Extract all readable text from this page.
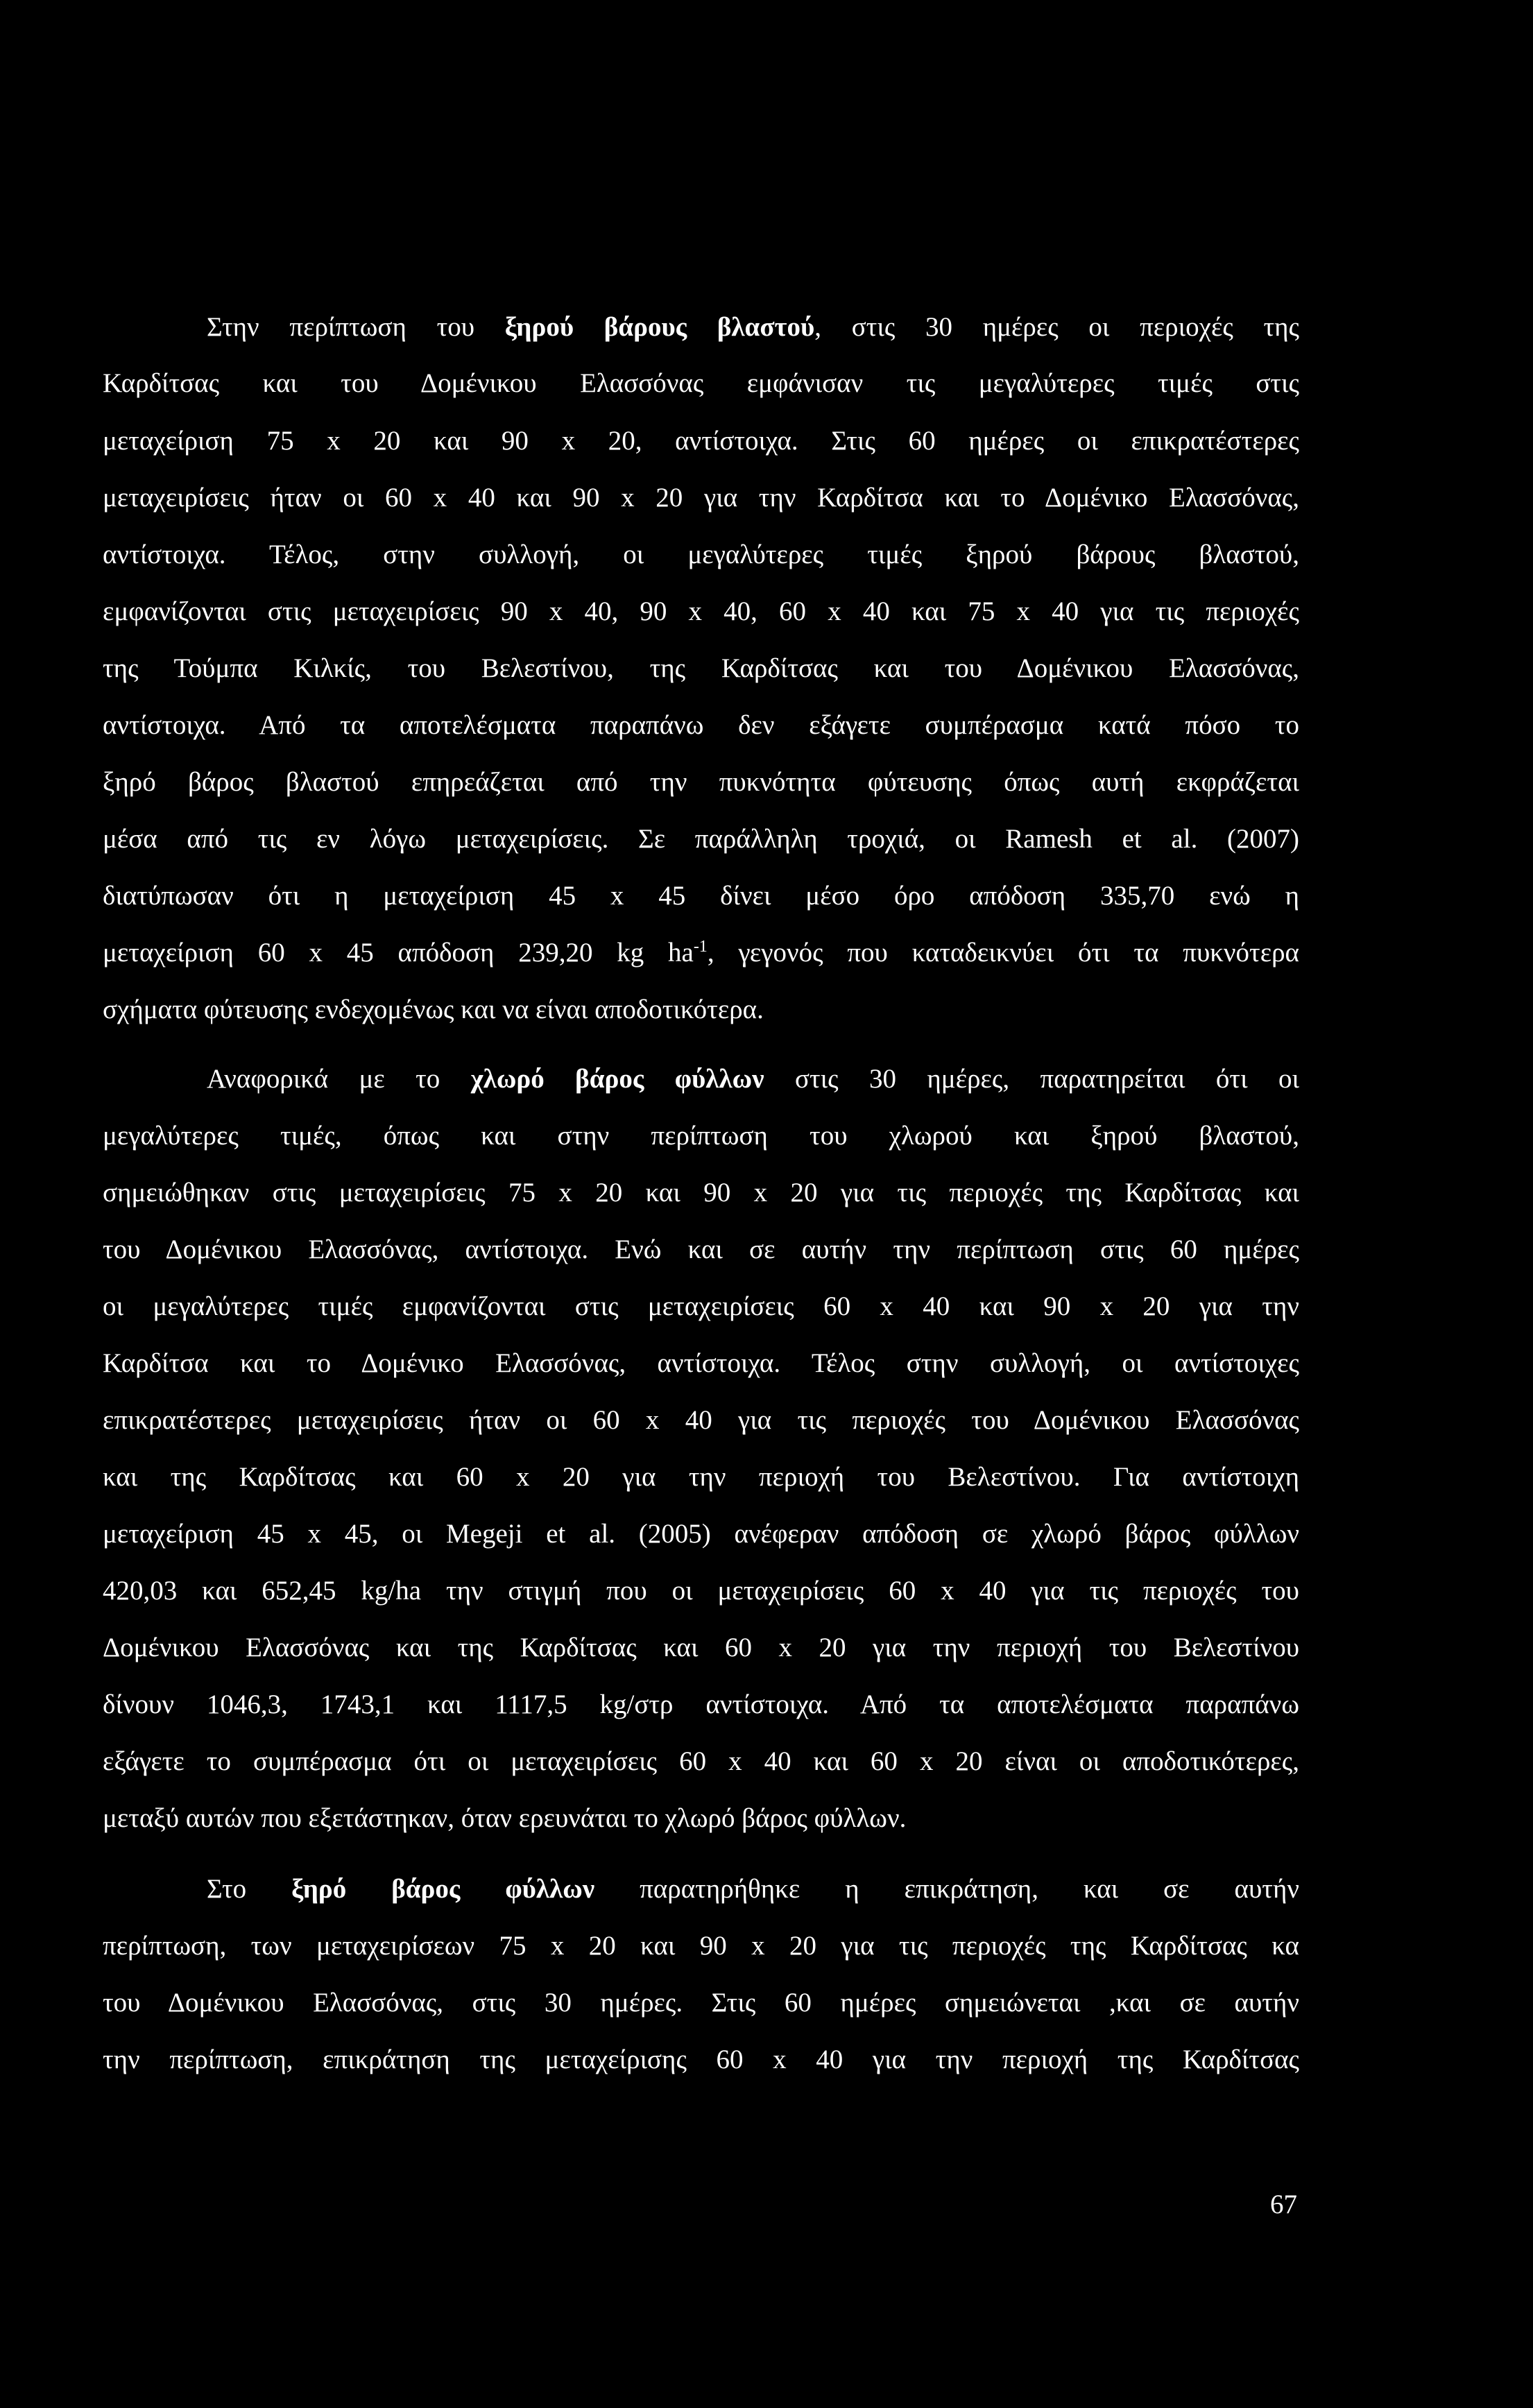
Στην περίπτωση του ξηρού βάρους βλαστού, στις 30 ημέρες οι περιοχές της
Καρδίτσας και του Δομένικου Ελασσόνας εμφάνισαν τις μεγαλύτερες τιμές στις
μεταχείριση 75 x 20 και 90 x 20, αντίστοιχα. Στις 60 ημέρες οι επικρατέστερες
μεταχειρίσεις ήταν οι 60 x 40 και 90 x 20 για την Καρδίτσα και το Δομένικο Ελασσόνας,
αντίστοιχα. Τέλος, στην συλλογή, οι μεγαλύτερες τιμές ξηρού βάρους βλαστού,
εμφανίζονται στις μεταχειρίσεις 90 x 40, 90 x 40, 60 x 40 και 75 x 40 για τις περιοχές
της Τούμπα Κιλκίς, του Βελεστίνου, της Καρδίτσας και του Δομένικου Ελασσόνας,
αντίστοιχα. Από τα αποτελέσματα παραπάνω δεν εξάγετε συμπέρασμα κατά πόσο το
ξηρό βάρος βλαστού επηρεάζεται από την πυκνότητα φύτευσης όπως αυτή εκφράζεται
μέσα από τις εν λόγω μεταχειρίσεις. Σε παράλληλη τροχιά, οι Ramesh et al. (2007)
διατύπωσαν ότι η μεταχείριση 45 x 45 δίνει μέσο όρο απόδοση 335,70 ενώ η
μεταχείριση 60 x 45 απόδοση 239,20 kg $ha^{-1}$, γεγονός που καταδεικνύει ότι τα πυκνότερα
σχήματα φύτευσης ενδεχομένως και να είναι αποδοτικότερα.
Αναφορικά με το χλωρό βάρος φύλλων στις 30 ημέρες, παρατηρείται ότι οι
μεγαλύτερες τιμές, όπως και στην περίπτωση του χλωρού και ξηρού βλαστού,
σημειώθηκαν στις μεταχειρίσεις 75 x 20 και 90 x 20 για τις περιοχές της Καρδίτσας και
του Δομένικου Ελασσόνας, αντίστοιχα. Ενώ και σε αυτήν την περίπτωση στις 60 ημέρες
οι μεγαλύτερες τιμές εμφανίζονται στις μεταχειρίσεις 60 x 40 και 90 x 20 για την
Καρδίτσα και το Δομένικο Ελασσόνας, αντίστοιχα. Τέλος στην συλλογή, οι αντίστοιχες
επικρατέστερες μεταχειρίσεις ήταν οι 60 x 40 για τις περιοχές του Δομένικου Ελασσόνας
και της Καρδίτσας και 60 x 20 για την περιοχή του Βελεστίνου. Για αντίστοιχη
μεταχείριση 45 x 45, οι Megeji et al. (2005) ανέφεραν απόδοση σε χλωρό βάρος φύλλων
420,03 και 652,45 kg/ha την στιγμή που οι μεταχειρίσεις 60 x 40 για τις περιοχές του
Δομένικου Ελασσόνας και της Καρδίτσας και 60 x 20 για την περιοχή του Βελεστίνου
δίνουν 1046,3, 1743,1 και 1117,5 kg/στρ αντίστοιχα. Από τα αποτελέσματα παραπάνω
εξάγετε το συμπέρασμα ότι οι μεταχειρίσεις 60 x 40 και 60 x 20 είναι οι αποδοτικότερες,
μεταξύ αυτών που εξετάστηκαν, όταν ερευνάται το χλωρό βάρος φύλλων.
Στο ξηρό βάρος φύλλων παρατηρήθηκε η επικράτηση, και σε αυτήν
περίπτωση, των μεταχειρίσεων 75 x 20 και 90 x 20 για τις περιοχές της Καρδίτσας κα
του Δομένικου Ελασσόνας, στις 30 ημέρες. Στις 60 ημέρες σημειώνεται ,και σε αυτήν
την περίπτωση, επικράτηση της μεταχείρισης 60 x 40 για την περιοχή της Καρδίτσας
67
